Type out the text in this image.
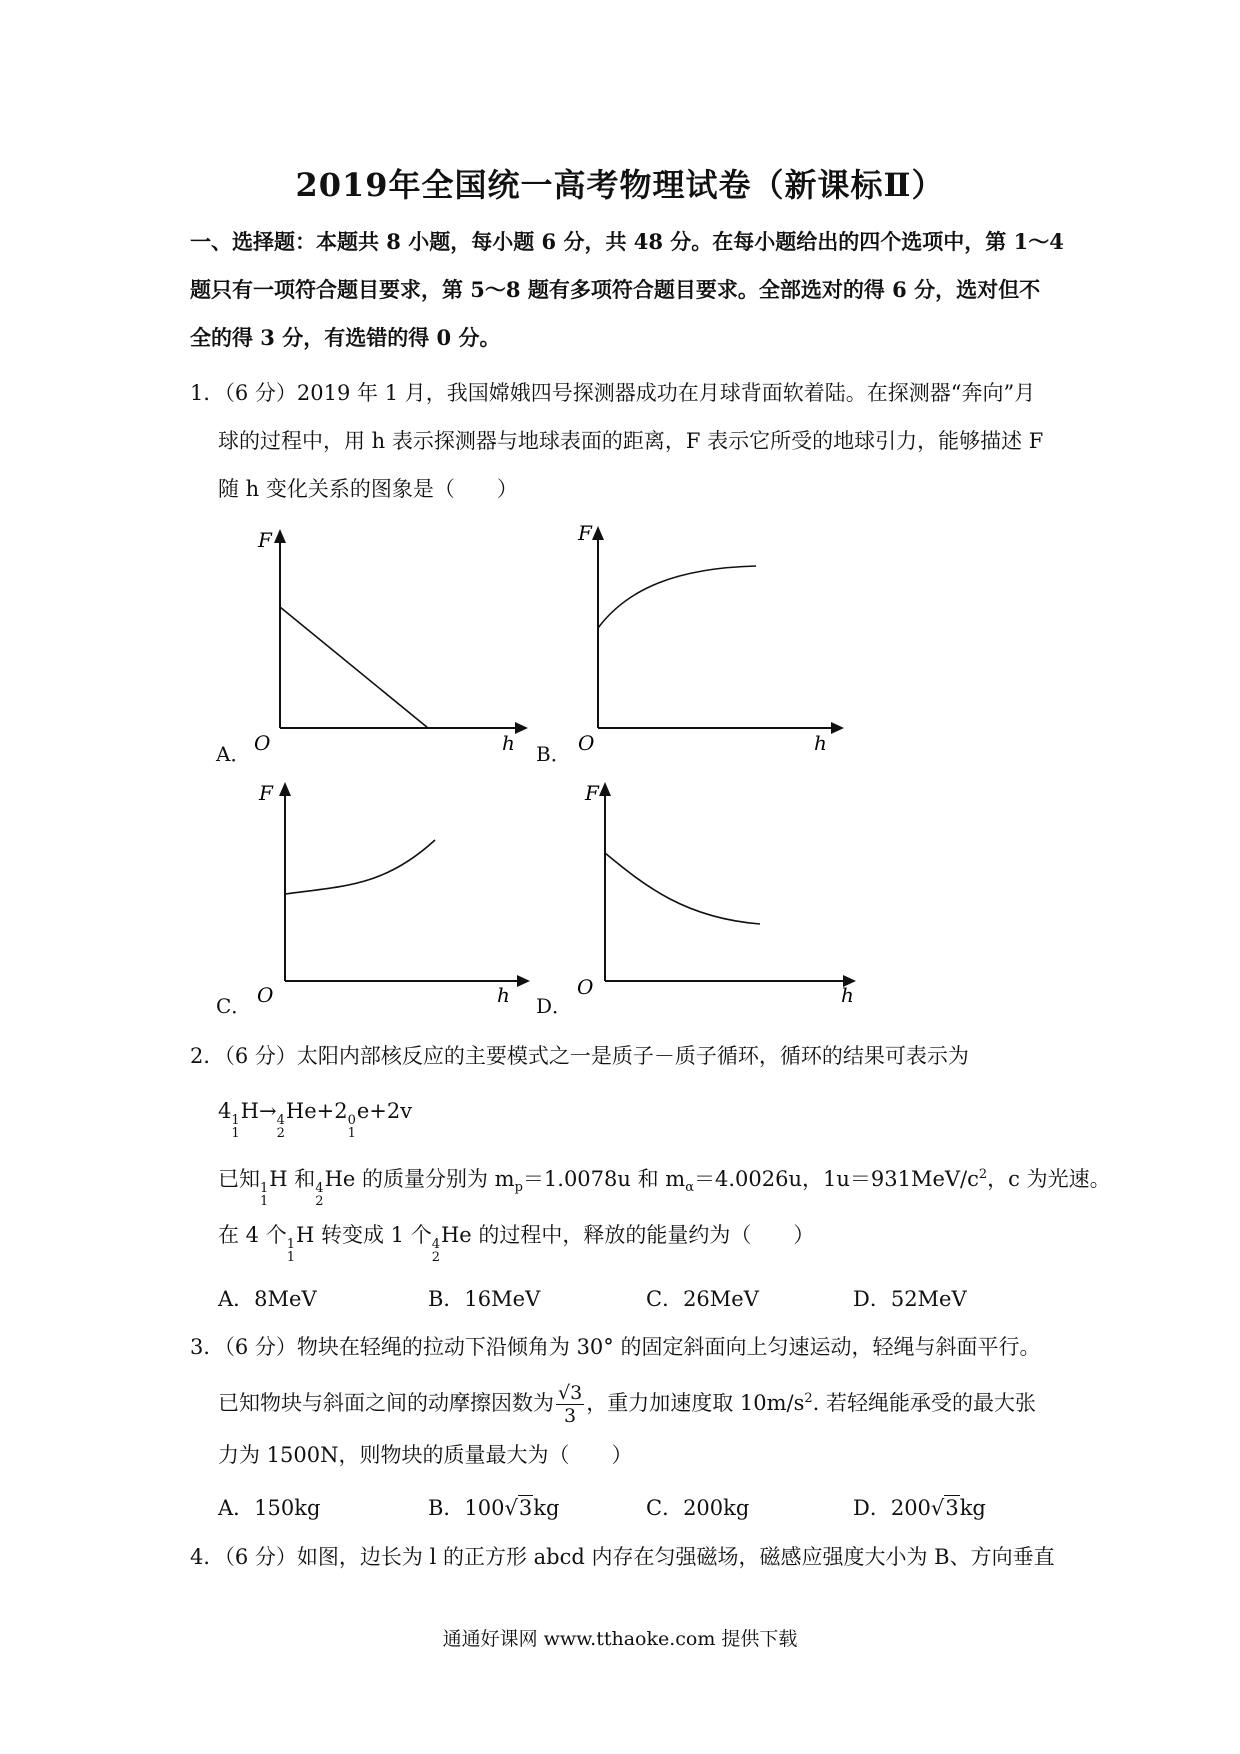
2019年全国统一高考物理试卷（新课标Ⅱ）
一、选择题：本题共 8 小题，每小题 6 分，共 48 分。在每小题给出的四个选项中，第 1～4
题只有一项符合题目要求，第 5～8 题有多项符合题目要求。全部选对的得 6 分，选对但不
全的得 3 分，有选错的得 0 分。
1．（6 分）2019 年 1 月，我国嫦娥四号探测器成功在月球背面软着陆。在探测器“奔向”月
球的过程中，用 h 表示探测器与地球表面的距离，F 表示它所受的地球引力，能够描述 F
随 h 变化关系的图象是（　　）
A．
F
O	h B．
F
O	h
C．
F
O	h D．
F
O	h
2．（6 分）太阳内部核反应的主要模式之一是质子－质子循环，循环的结果可表示为
4 1
1
H→ 4
2
He+2 0
1
e+2v
已知 1
1
H 和 4
2
He 的质量分别为 $m_p=1.0078u$ 和 $m_\alpha=4.0026u$，$1u=931MeV/c^2$，c 为光速。
在 4 个 1
1
H 转变成 1 个 4
2
He 的过程中，释放的能量约为（　　）
A．8MeV	B．16MeV	C．26MeV	D．52MeV
3．（6 分）物块在轻绳的拉动下沿倾角为 30° 的固定斜面向上匀速运动，轻绳与斜面平行。
已知物块与斜面之间的动摩擦因数为 $\frac{√3}{3}$ ，重力加速度取 $10m/s^2$. 若轻绳能承受的最大张
力为 1500N，则物块的质量最大为（　　）
A．150kg	B．100√3kg	C．200kg	D．200√3kg
4．（6 分）如图，边长为 l 的正方形 abcd 内存在匀强磁场，磁感应强度大小为 B、方向垂直
通通好课网 www.tthaoke.com 提供下载
